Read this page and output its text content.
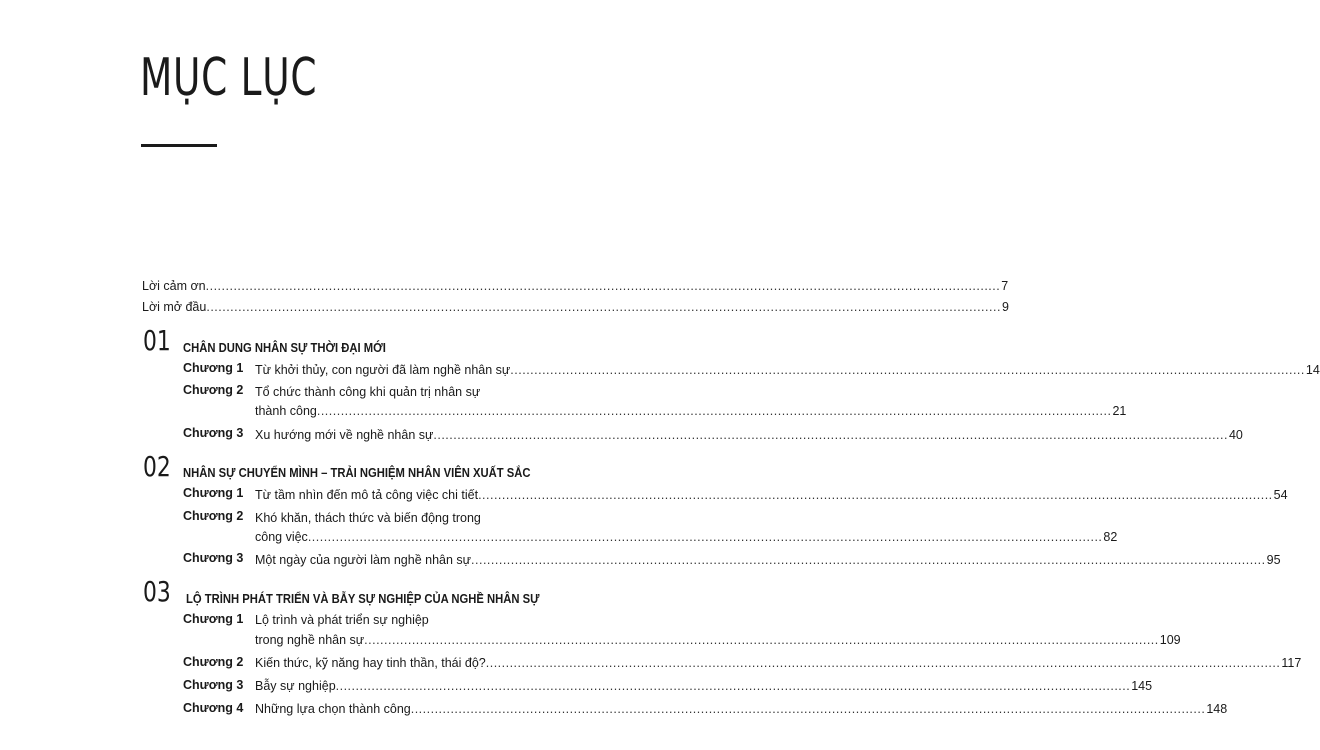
MỤC LỤC
Lời cảm ơn ........................................................................................................................................................................................................ 7
Lời mở đầu ........................................................................................................................................................................................................ 9
01 CHÂN DUNG NHÂN SỰ THỜI ĐẠI MỚI
Chương 1 Từ khởi thủy, con người đã làm nghề nhân sự ........................................................................................................................................................................................................ 14
Chương 2 Tổ chức thành công khi quản trị nhân sự
thành công ........................................................................................................................................................................................................ 21
Chương 3 Xu hướng mới về nghề nhân sự ........................................................................................................................................................................................................ 40
02 NHÂN SỰ CHUYỂN MÌNH – TRẢI NGHIỆM NHÂN VIÊN XUẤT SẮC
Chương 1 Từ tầm nhìn đến mô tả công việc chi tiết ........................................................................................................................................................................................................ 54
Chương 2 Khó khăn, thách thức và biến động trong
công việc ........................................................................................................................................................................................................ 82
Chương 3 Một ngày của người làm nghề nhân sự ........................................................................................................................................................................................................ 95
03 LỘ TRÌNH PHÁT TRIỂN VÀ BẪY SỰ NGHIỆP CỦA NGHỀ NHÂN SỰ
Chương 1 Lộ trình và phát triển sự nghiệp
trong nghề nhân sự ........................................................................................................................................................................................................ 109
Chương 2 Kiến thức, kỹ năng hay tinh thần, thái độ? ........................................................................................................................................................................................................ 117
Chương 3 Bẫy sự nghiệp ........................................................................................................................................................................................................ 145
Chương 4 Những lựa chọn thành công ........................................................................................................................................................................................................ 148
